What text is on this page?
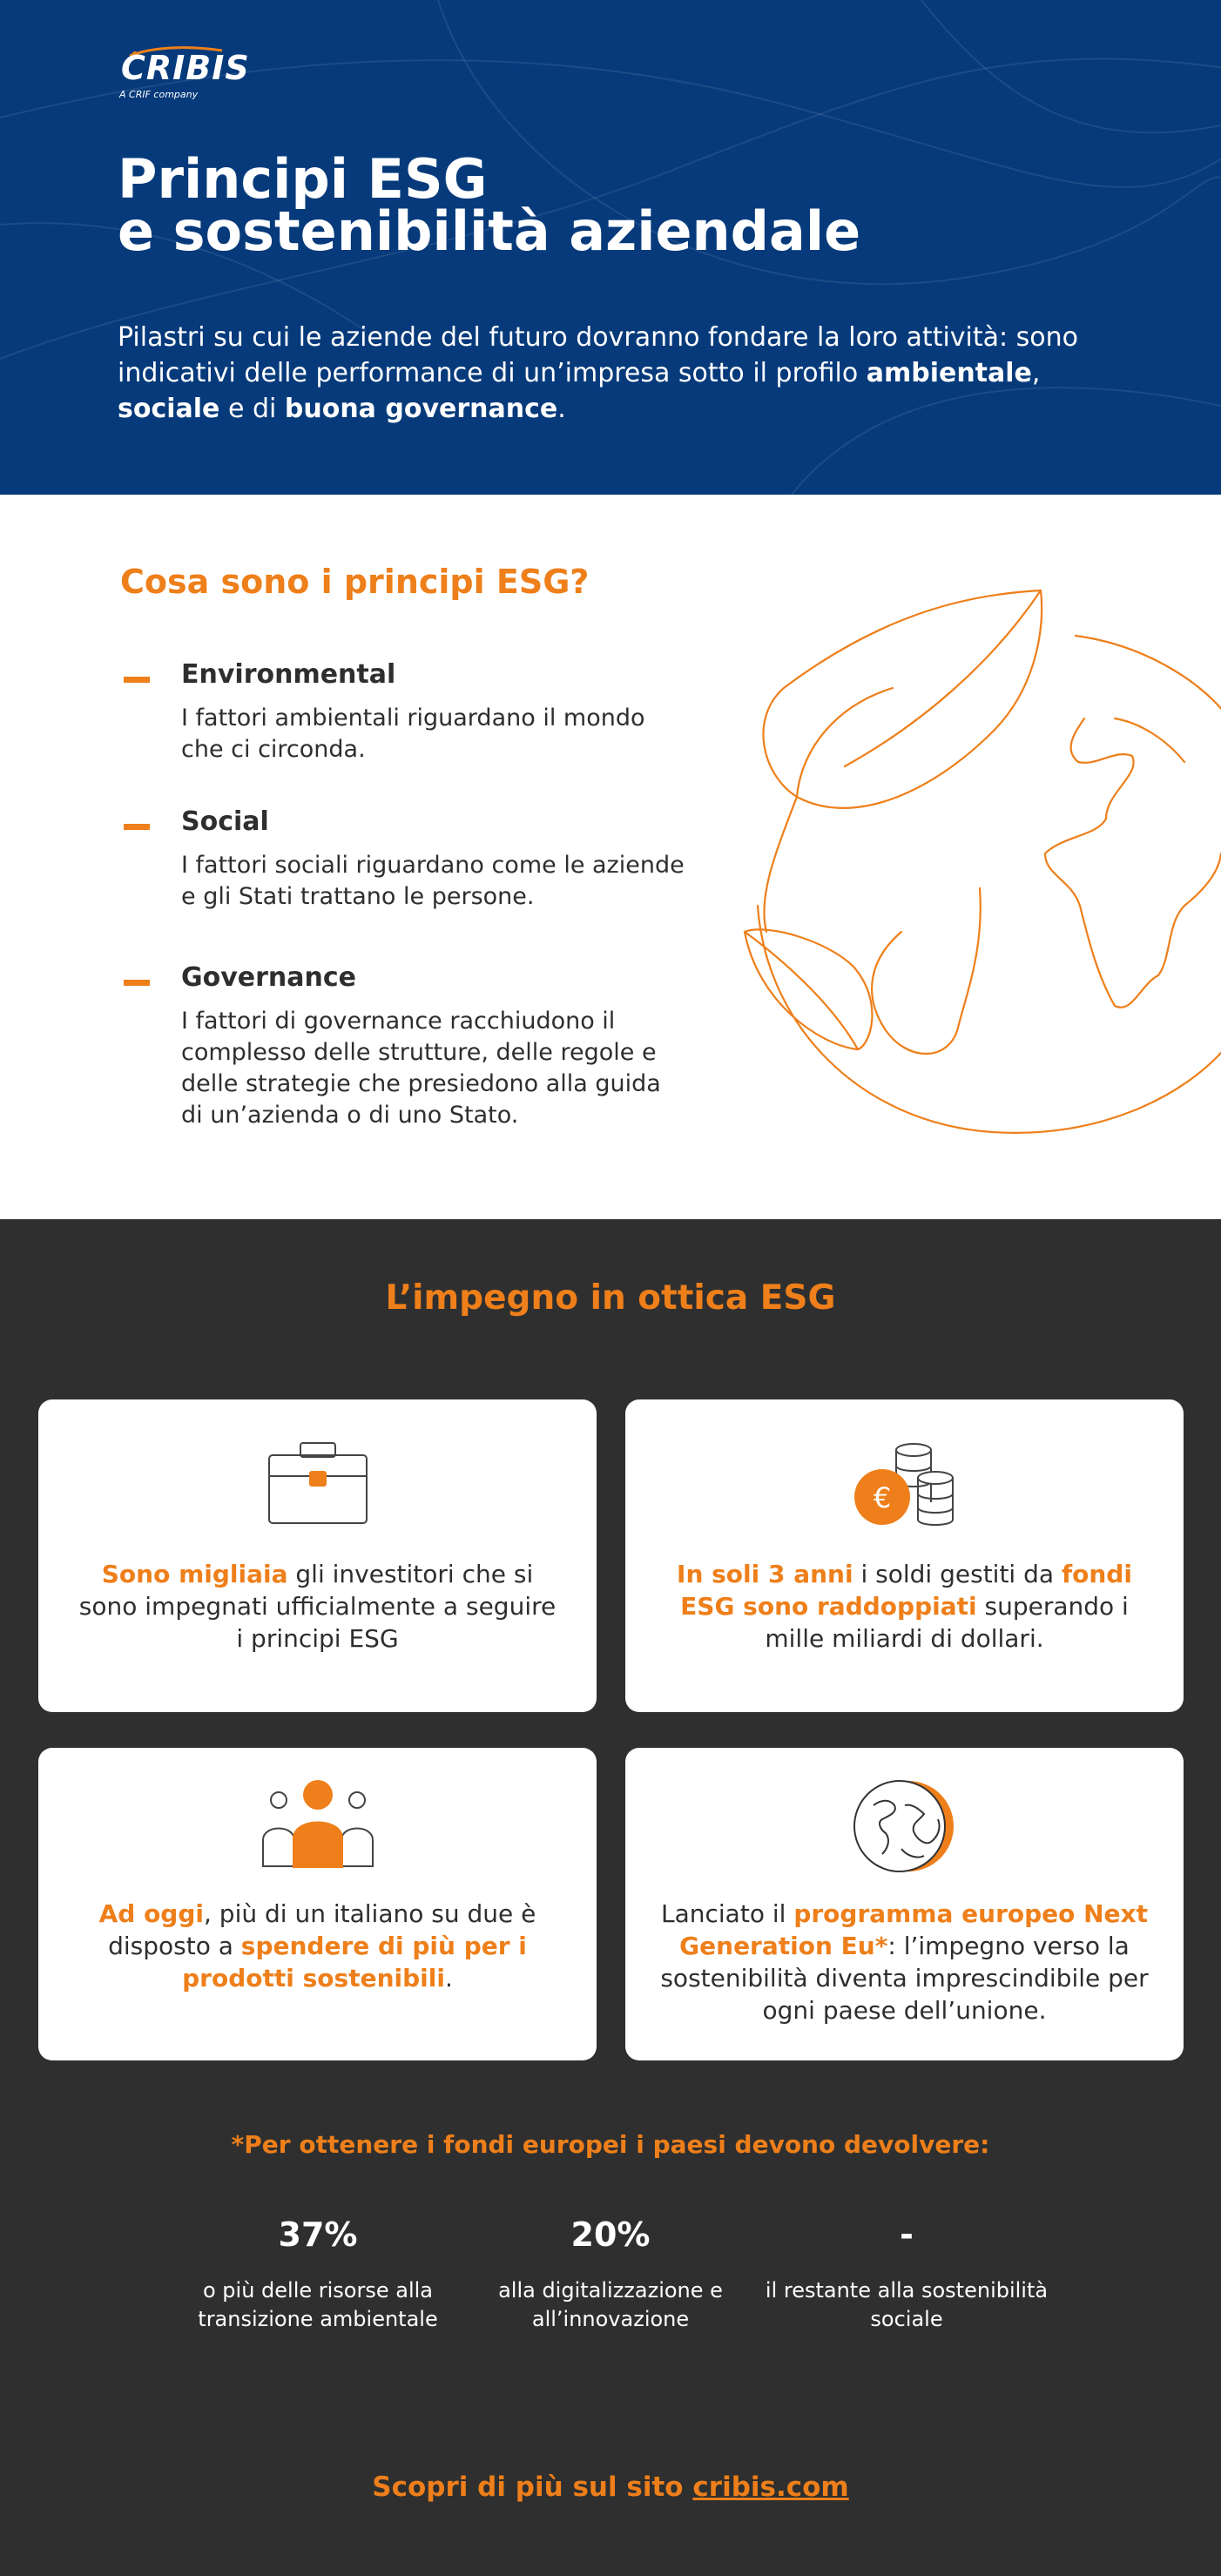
CRIBIS
A CRIF company
Principi ESG
e sostenibilità aziendale

Pilastri su cui le aziende del futuro dovranno fondare la loro attività: sono indicativi delle performance di un’impresa sotto il profilo ambientale, sociale e di buona governance.

Cosa sono i principi ESG?
Environmental
I fattori ambientali riguardano il mondo che ci circonda.
Social
I fattori sociali riguardano come le aziende e gli Stati trattano le persone.
Governance
I fattori di governance racchiudono il complesso delle strutture, delle regole e delle strategie che presiedono alla guida di un’azienda o di uno Stato.
L’impegno in ottica ESG

Sono migliaia gli investitori che si sono impegnati ufficialmente a seguire i principi ESG

€

In soli 3 anni i soldi gestiti da fondi ESG sono raddoppiati superando i mille miliardi di dollari.

Ad oggi, più di un italiano su due è disposto a spendere di più per i prodotti sostenibili.

Lanciato il programma europeo Next Generation Eu*: l’impegno verso la sostenibilità diventa imprescindibile per ogni paese dell’unione.

*Per ottenere i fondi europei i paesi devono devolvere:
37%
o più delle risorse alla transizione ambientale
20%
alla digitalizzazione e all’innovazione
-
il restante alla sostenibilità sociale

Scopri di più sul sito cribis.com
